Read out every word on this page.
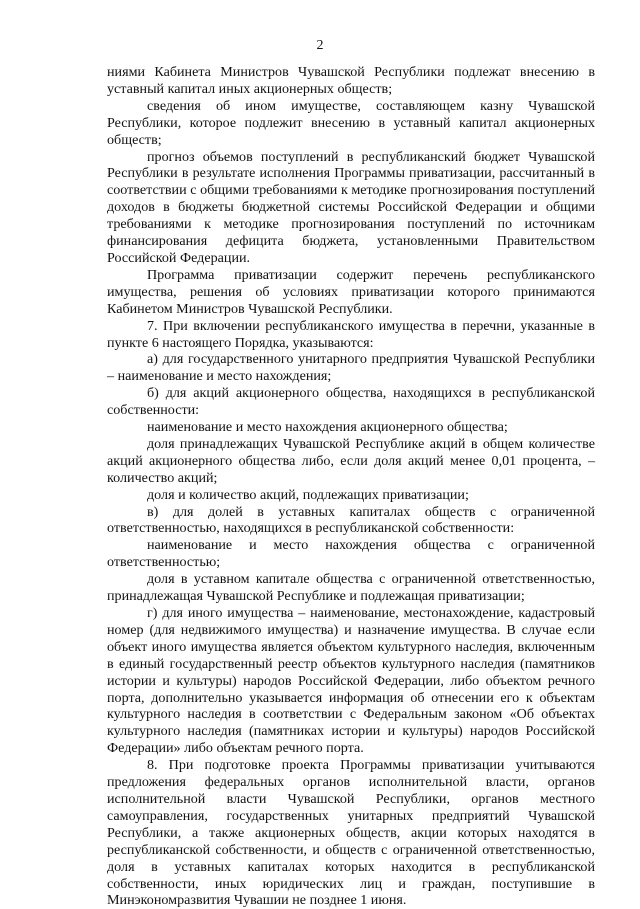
2

ниями Кабинета Министров Чувашской Республики подлежат внесению в уставный капитал иных акционерных обществ;

сведения об ином имуществе, составляющем казну Чувашской Республики, которое подлежит внесению в уставный капитал акционерных обществ;

прогноз объемов поступлений в республиканский бюджет Чувашской Республики в результате исполнения Программы приватизации, рассчитанный в соответствии с общими требованиями к методике прогнозирования поступлений доходов в бюджеты бюджетной системы Российской Федерации и общими требованиями к методике прогнозирования поступлений по источникам финансирования дефицита бюджета, установленными Правительством Российской Федерации.

Программа приватизации содержит перечень республиканского имущества, решения об условиях приватизации которого принимаются Кабинетом Министров Чувашской Республики.

7. При включении республиканского имущества в перечни, указанные в пункте 6 настоящего Порядка, указываются:

а) для государственного унитарного предприятия Чувашской Республики – наименование и место нахождения;

б) для акций акционерного общества, находящихся в республиканской собственности:

наименование и место нахождения акционерного общества;

доля принадлежащих Чувашской Республике акций в общем количестве акций акционерного общества либо, если доля акций менее 0,01 процента, – количество акций;

доля и количество акций, подлежащих приватизации;

в) для долей в уставных капиталах обществ с ограниченной ответственностью, находящихся в республиканской собственности:

наименование и место нахождения общества с ограниченной ответственностью;

доля в уставном капитале общества с ограниченной ответственностью, принадлежащая Чувашской Республике и подлежащая приватизации;

г) для иного имущества – наименование, местонахождение, кадастровый номер (для недвижимого имущества) и назначение имущества. В случае если объект иного имущества является объектом культурного наследия, включенным в единый государственный реестр объектов культурного наследия (памятников истории и культуры) народов Российской Федерации, либо объектом речного порта, дополнительно указывается информация об отнесении его к объектам культурного наследия в соответствии с Федеральным законом «Об объектах культурного наследия (памятниках истории и культуры) народов Российской Федерации» либо объектам речного порта.

8. При подготовке проекта Программы приватизации учитываются предложения федеральных органов исполнительной власти, органов исполнительной власти Чувашской Республики, органов местного самоуправления, государственных унитарных предприятий Чувашской Республики, а также акционерных обществ, акции которых находятся в республиканской собственности, и обществ с ограниченной ответственностью, доля в уставных капиталах которых находится в республиканской собственности, иных юридических лиц и граждан, поступившие в Минэкономразвития Чувашии не позднее 1 июня.
